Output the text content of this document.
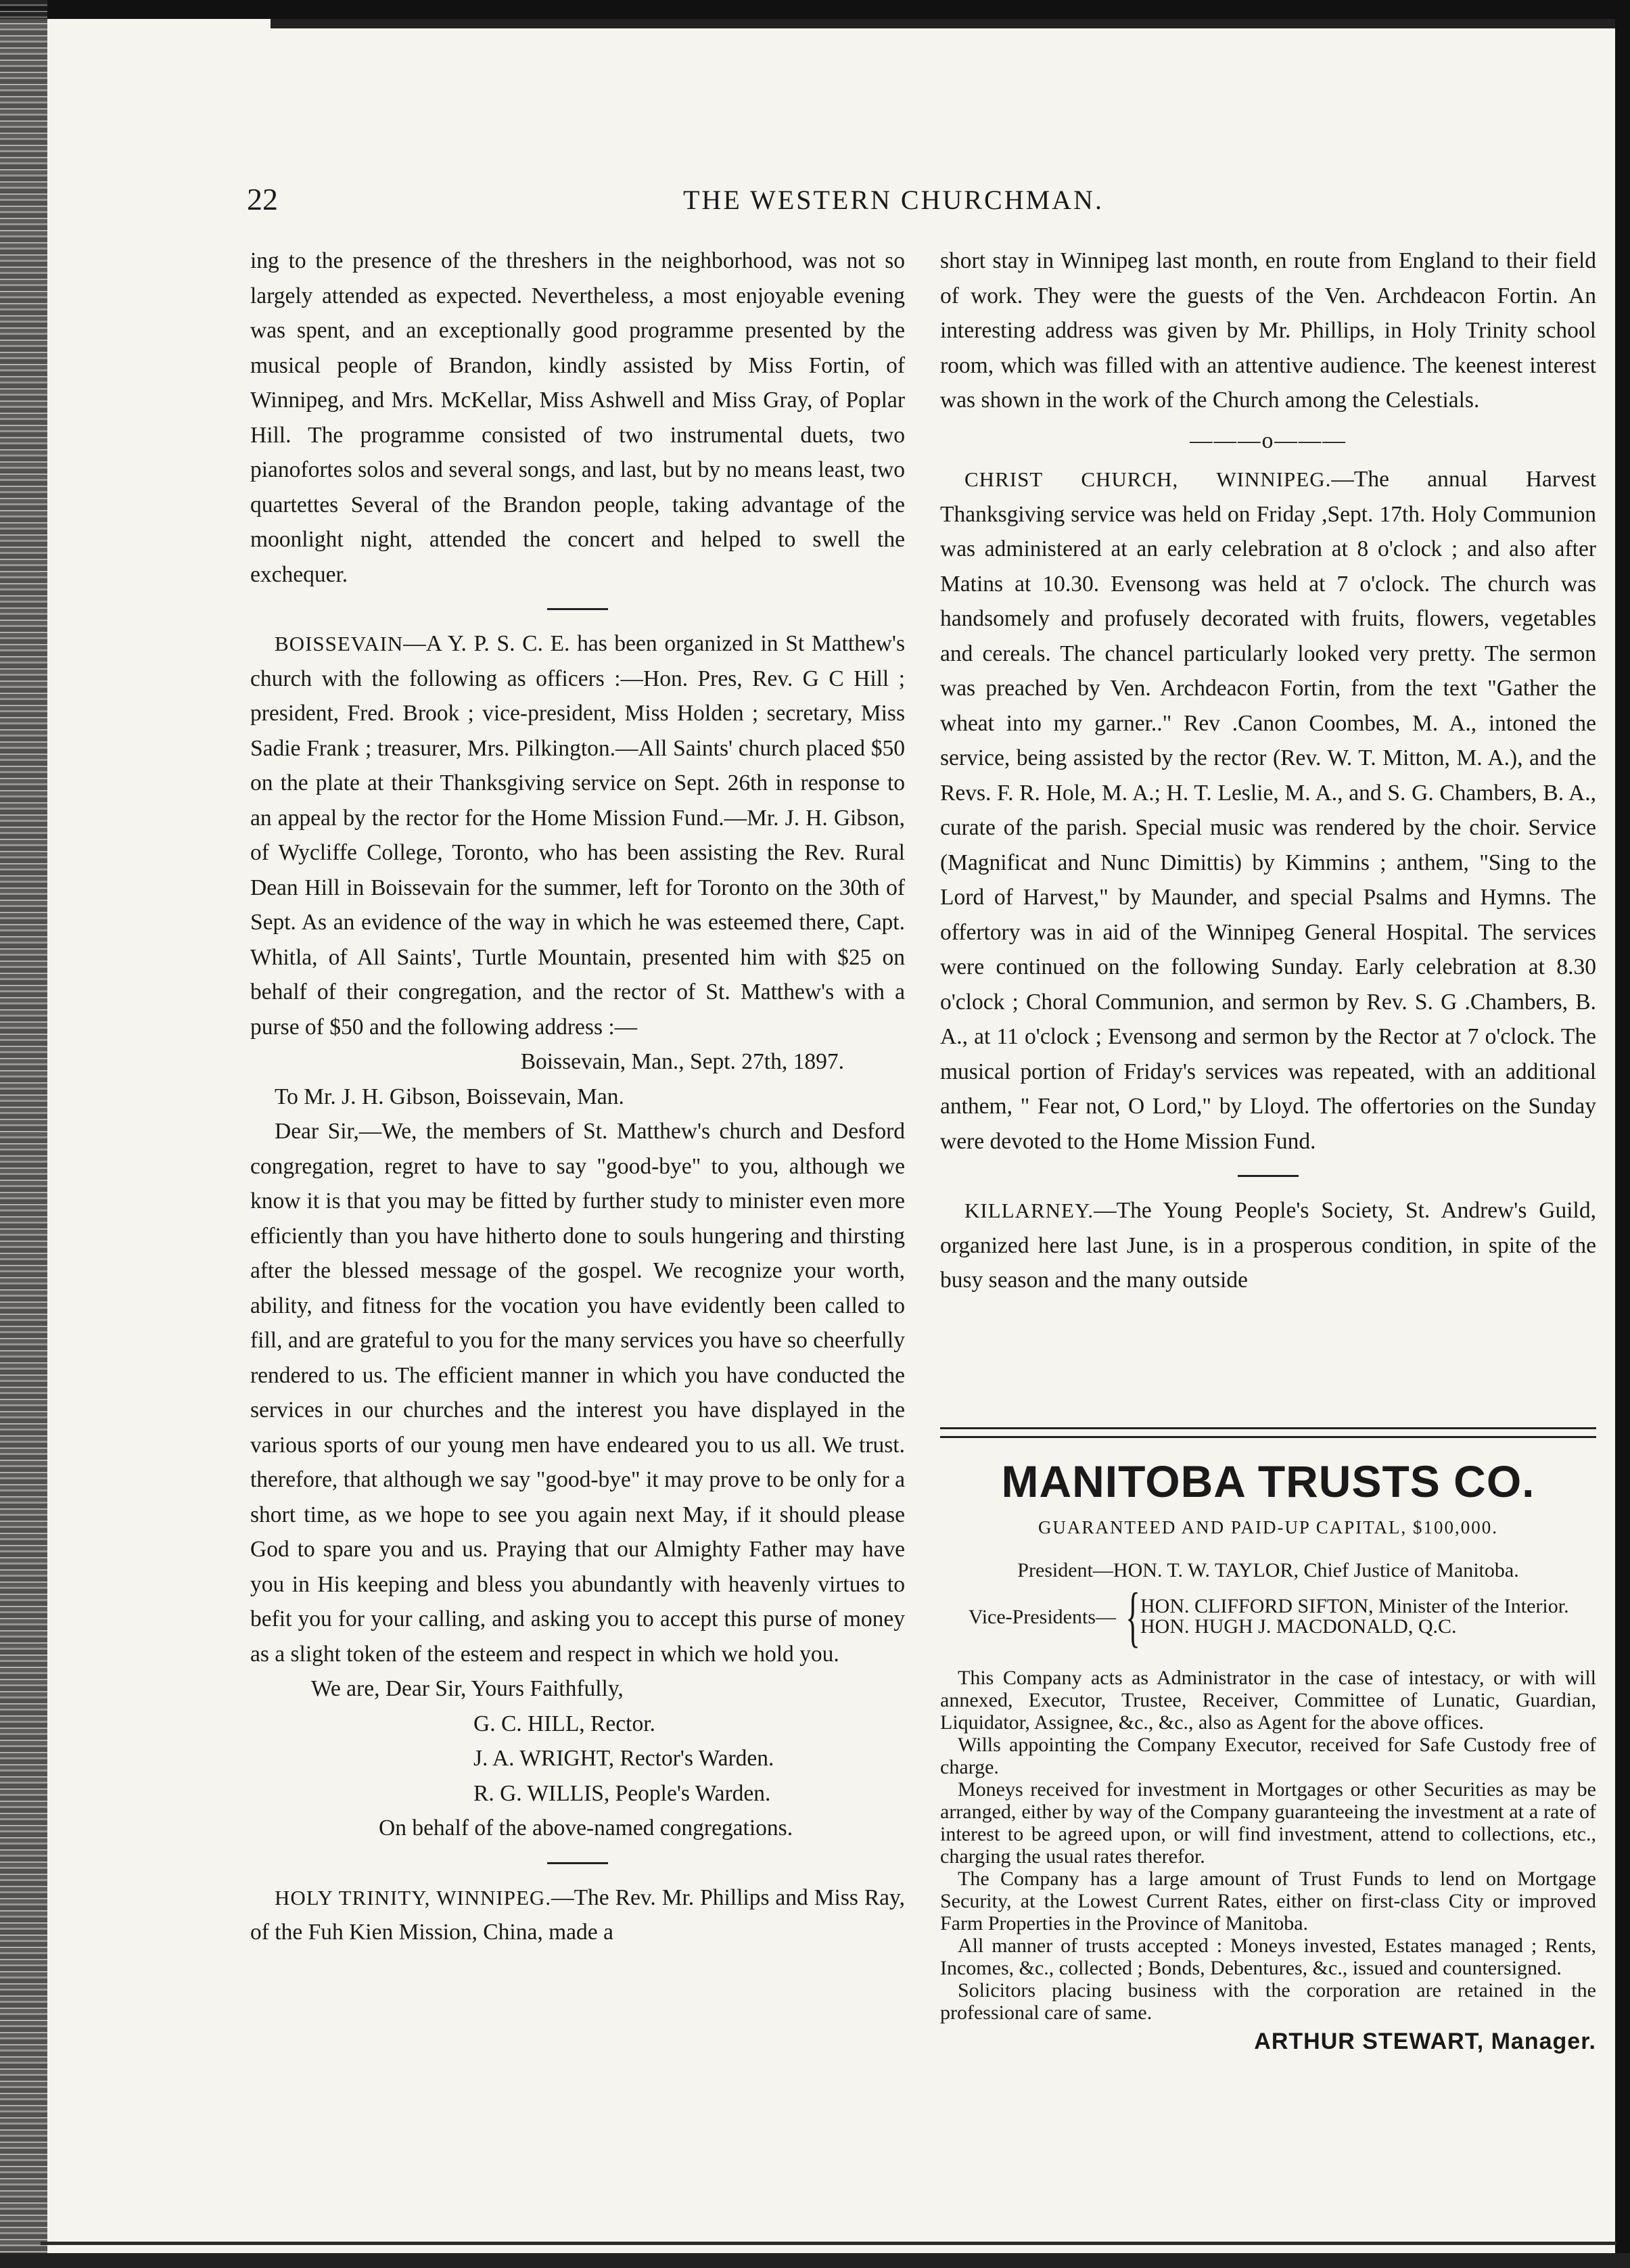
22	THE WESTERN CHURCHMAN.

ing to the presence of the threshers in the neighborhood, was not so largely attended as expected. Nevertheless, a most enjoyable evening was spent, and an exceptionally good programme presented by the musical people of Brandon, kindly assisted by Miss Fortin, of Winnipeg, and Mrs. McKellar, Miss Ashwell and Miss Gray, of Poplar Hill. The programme consisted of two instrumental duets, two pianofortes solos and several songs, and last, but by no means least, two quartettes Several of the Brandon people, taking advantage of the moonlight night, attended the concert and helped to swell the exchequer.

BOISSEVAIN—A Y. P. S. C. E. has been organized in St Matthew's church with the following as officers :—Hon. Pres, Rev. G C Hill ; president, Fred. Brook ; vice-president, Miss Holden ; secretary, Miss Sadie Frank ; treasurer, Mrs. Pilkington.—All Saints' church placed $50 on the plate at their Thanksgiving service on Sept. 26th in response to an appeal by the rector for the Home Mission Fund.—Mr. J. H. Gibson, of Wycliffe College, Toronto, who has been assisting the Rev. Rural Dean Hill in Boissevain for the summer, left for Toronto on the 30th of Sept. As an evidence of the way in which he was esteemed there, Capt. Whitla, of All Saints', Turtle Mountain, presented him with $25 on behalf of their congregation, and the rector of St. Matthew's with a purse of $50 and the following address :—

Boissevain, Man., Sept. 27th, 1897.

To Mr. J. H. Gibson, Boissevain, Man.

Dear Sir,—We, the members of St. Matthew's church and Desford congregation, regret to have to say "good-bye" to you, although we know it is that you may be fitted by further study to minister even more efficiently than you have hitherto done to souls hungering and thirsting after the blessed message of the gospel. We recognize your worth, ability, and fitness for the vocation you have evidently been called to fill, and are grateful to you for the many services you have so cheerfully rendered to us. The efficient manner in which you have conducted the services in our churches and the interest you have displayed in the various sports of our young men have endeared you to us all. We trust. therefore, that although we say "good-bye" it may prove to be only for a short time, as we hope to see you again next May, if it should please God to spare you and us. Praying that our Almighty Father may have you in His keeping and bless you abundantly with heavenly virtues to befit you for your calling, and asking you to accept this purse of money as a slight token of the esteem and respect in which we hold you.

We are, Dear Sir, Yours Faithfully,
G. C. HILL, Rector.
J. A. WRIGHT, Rector's Warden.
R. G. WILLIS, People's Warden.
On behalf of the above-named congregations.

HOLY TRINITY, WINNIPEG.—The Rev. Mr. Phillips and Miss Ray, of the Fuh Kien Mission, China, made a

short stay in Winnipeg last month, en route from England to their field of work. They were the guests of the Ven. Archdeacon Fortin. An interesting address was given by Mr. Phillips, in Holy Trinity school room, which was filled with an attentive audience. The keenest interest was shown in the work of the Church among the Celestials.

———o———

CHRIST CHURCH, WINNIPEG.—The annual Harvest Thanksgiving service was held on Friday ,Sept. 17th. Holy Communion was administered at an early celebration at 8 o'clock ; and also after Matins at 10.30. Evensong was held at 7 o'clock. The church was handsomely and profusely decorated with fruits, flowers, vegetables and cereals. The chancel particularly looked very pretty. The sermon was preached by Ven. Archdeacon Fortin, from the text "Gather the wheat into my garner.." Rev .Canon Coombes, M. A., intoned the service, being assisted by the rector (Rev. W. T. Mitton, M. A.), and the Revs. F. R. Hole, M. A.; H. T. Leslie, M. A., and S. G. Chambers, B. A., curate of the parish. Special music was rendered by the choir. Service (Magnificat and Nunc Dimittis) by Kimmins ; anthem, "Sing to the Lord of Harvest," by Maunder, and special Psalms and Hymns. The offertory was in aid of the Winnipeg General Hospital. The services were continued on the following Sunday. Early celebration at 8.30 o'clock ; Choral Communion, and sermon by Rev. S. G .Chambers, B. A., at 11 o'clock ; Evensong and sermon by the Rector at 7 o'clock. The musical portion of Friday's services was repeated, with an additional anthem, " Fear not, O Lord," by Lloyd. The offertories on the Sunday were devoted to the Home Mission Fund.

KILLARNEY.—The Young People's Society, St. Andrew's Guild, organized here last June, is in a prosperous condition, in spite of the busy season and the many outside

MANITOBA TRUSTS CO.
GUARANTEED AND PAID-UP CAPITAL, $100,000.
President—HON. T. W. TAYLOR, Chief Justice of Manitoba.
Vice-Presidents— { HON. CLIFFORD SIFTON, Minister of the Interior.
HON. HUGH J. MACDONALD, Q.C.

This Company acts as Administrator in the case of intestacy, or with will annexed, Executor, Trustee, Receiver, Committee of Lunatic, Guardian, Liquidator, Assignee, &c., &c., also as Agent for the above offices.

Wills appointing the Company Executor, received for Safe Custody free of charge.

Moneys received for investment in Mortgages or other Securities as may be arranged, either by way of the Company guaranteeing the investment at a rate of interest to be agreed upon, or will find investment, attend to collections, etc., charging the usual rates therefor.

The Company has a large amount of Trust Funds to lend on Mortgage Security, at the Lowest Current Rates, either on first-class City or improved Farm Properties in the Province of Manitoba.

All manner of trusts accepted : Moneys invested, Estates managed ; Rents, Incomes, &c., collected ; Bonds, Debentures, &c., issued and countersigned.

Solicitors placing business with the corporation are retained in the professional care of same.

ARTHUR STEWART, Manager.
